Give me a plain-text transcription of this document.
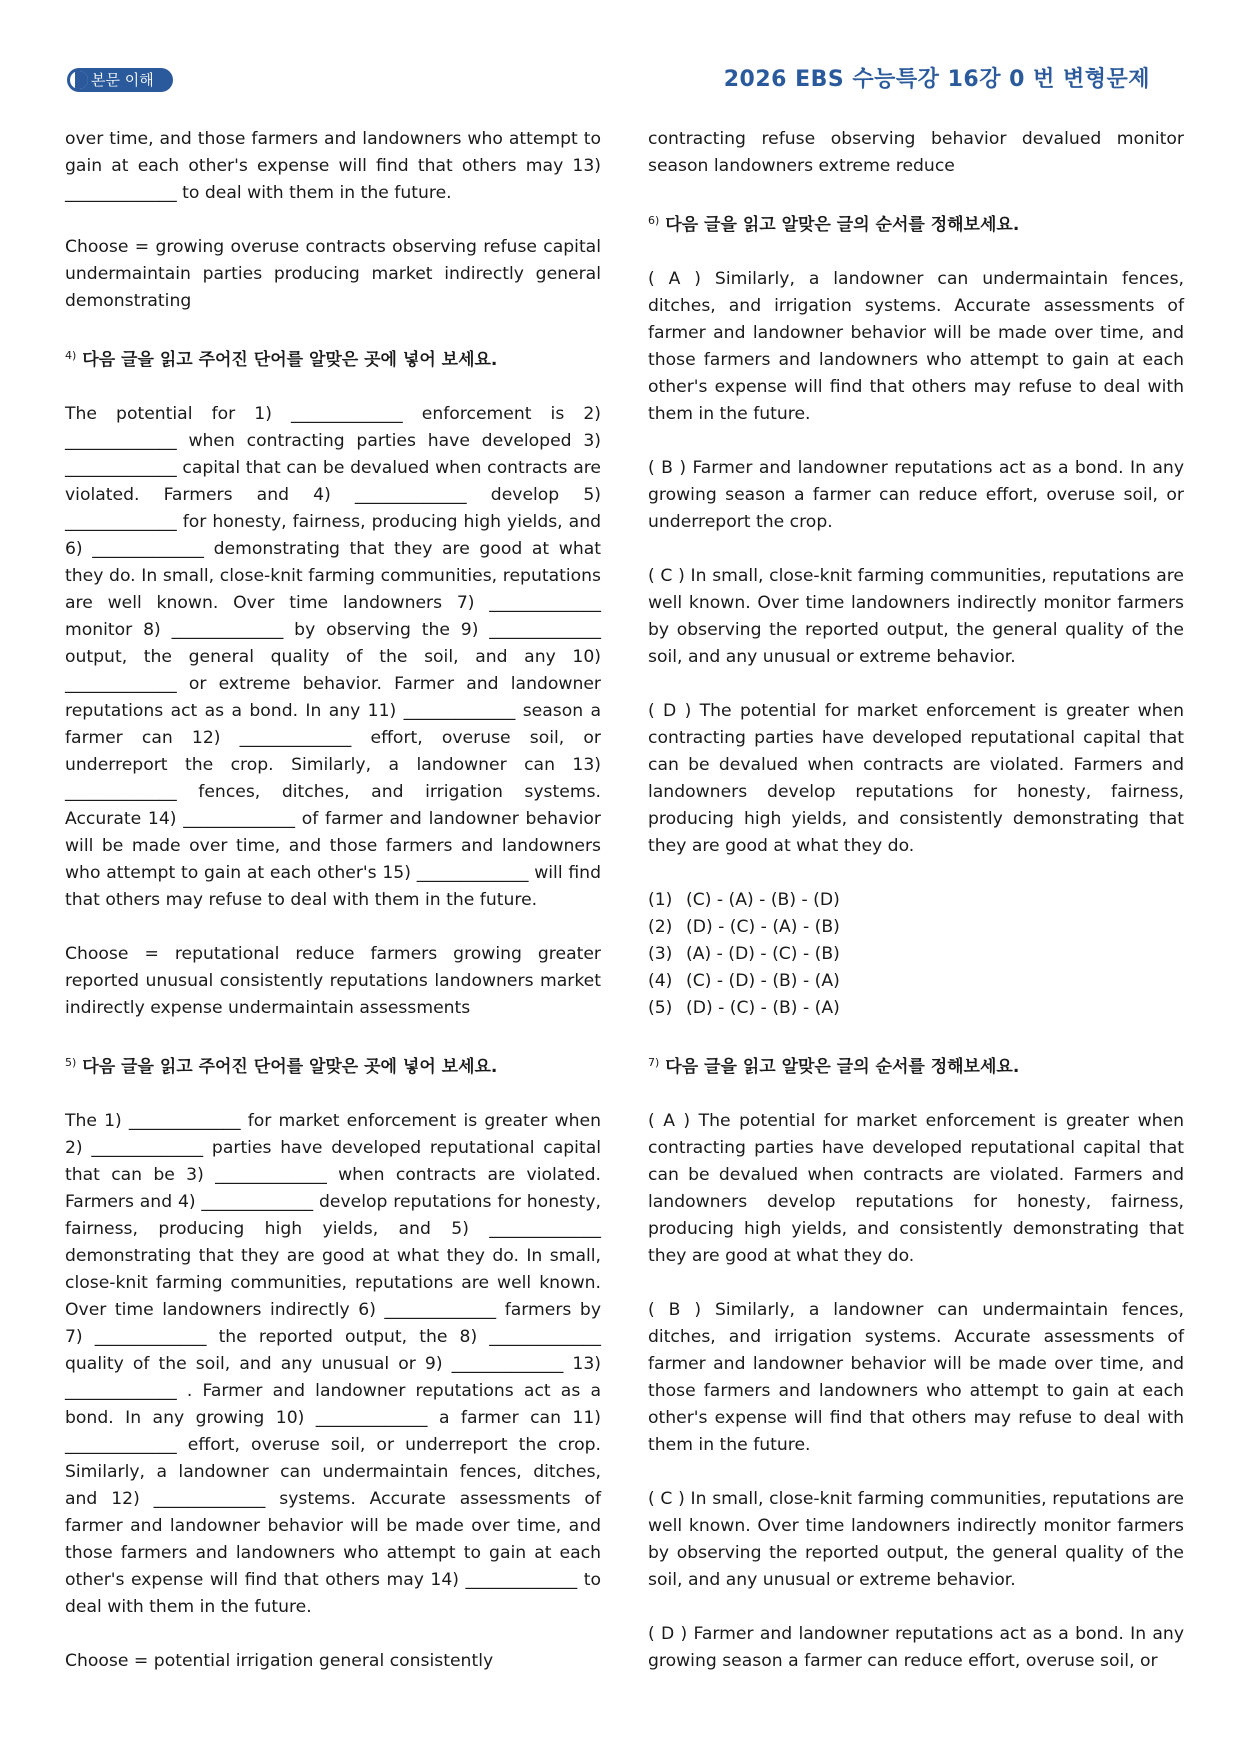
본문 이해	2026 EBS 수능특강 16강 0 번 변형문제

over time, and those farmers and landowners who attempt to gain at each other's expense will find that others may 13) _____________ to deal with them in the future.

Choose = growing overuse contracts observing refuse capital undermaintain parties producing market indirectly general demonstrating

$^{4)}$ 다음 글을 읽고 주어진 단어를 알맞은 곳에 넣어 보세요.

The potential for 1) _____________ enforcement is 2) _____________ when contracting parties have developed 3) _____________ capital that can be devalued when contracts are violated. Farmers and 4) _____________ develop 5) _____________ for honesty, fairness, producing high yields, and 6) _____________ demonstrating that they are good at what they do. In small, close-knit farming communities, reputations are well known. Over time landowners 7) _____________ monitor 8) _____________ by observing the 9) _____________ output, the general quality of the soil, and any 10) _____________ or extreme behavior. Farmer and landowner reputations act as a bond. In any 11) _____________ season a farmer can 12) _____________ effort, overuse soil, or underreport the crop. Similarly, a landowner can 13) _____________ fences, ditches, and irrigation systems. Accurate 14) _____________ of farmer and landowner behavior will be made over time, and those farmers and landowners who attempt to gain at each other's 15) _____________ will find that others may refuse to deal with them in the future.

Choose = reputational reduce farmers growing greater reported unusual consistently reputations landowners market indirectly expense undermaintain assessments

$^{5)}$ 다음 글을 읽고 주어진 단어를 알맞은 곳에 넣어 보세요.

The 1) _____________ for market enforcement is greater when 2) _____________ parties have developed reputational capital that can be 3) _____________ when contracts are violated. Farmers and 4) _____________ develop reputations for honesty, fairness, producing high yields, and 5) _____________ demonstrating that they are good at what they do. In small, close-knit farming communities, reputations are well known. Over time landowners indirectly 6) _____________ farmers by 7) _____________ the reported output, the 8) _____________ quality of the soil, and any unusual or 9) _____________ 13) _____________ . Farmer and landowner reputations act as a bond. In any growing 10) _____________ a farmer can 11) _____________ effort, overuse soil, or underreport the crop. Similarly, a landowner can undermaintain fences, ditches, and 12) _____________ systems. Accurate assessments of farmer and landowner behavior will be made over time, and those farmers and landowners who attempt to gain at each other's expense will find that others may 14) _____________ to deal with them in the future.

Choose = potential irrigation general consistently

contracting refuse observing behavior devalued monitor season landowners extreme reduce

$^{6)}$ 다음 글을 읽고 알맞은 글의 순서를 정해보세요.

( A ) Similarly, a landowner can undermaintain fences, ditches, and irrigation systems. Accurate assessments of farmer and landowner behavior will be made over time, and those farmers and landowners who attempt to gain at each other's expense will find that others may refuse to deal with them in the future.

( B ) Farmer and landowner reputations act as a bond. In any growing season a farmer can reduce effort, overuse soil, or underreport the crop.

( C ) In small, close-knit farming communities, reputations are well known. Over time landowners indirectly monitor farmers by observing the reported output, the general quality of the soil, and any unusual or extreme behavior.

( D ) The potential for market enforcement is greater when contracting parties have developed reputational capital that can be devalued when contracts are violated. Farmers and landowners develop reputations for honesty, fairness, producing high yields, and consistently demonstrating that they are good at what they do.

(1) (C) - (A) - (B) - (D)
(2) (D) - (C) - (A) - (B)
(3) (A) - (D) - (C) - (B)
(4) (C) - (D) - (B) - (A)
(5) (D) - (C) - (B) - (A)
$^{7)}$ 다음 글을 읽고 알맞은 글의 순서를 정해보세요.

( A ) The potential for market enforcement is greater when contracting parties have developed reputational capital that can be devalued when contracts are violated. Farmers and landowners develop reputations for honesty, fairness, producing high yields, and consistently demonstrating that they are good at what they do.

( B ) Similarly, a landowner can undermaintain fences, ditches, and irrigation systems. Accurate assessments of farmer and landowner behavior will be made over time, and those farmers and landowners who attempt to gain at each other's expense will find that others may refuse to deal with them in the future.

( C ) In small, close-knit farming communities, reputations are well known. Over time landowners indirectly monitor farmers by observing the reported output, the general quality of the soil, and any unusual or extreme behavior.

( D ) Farmer and landowner reputations act as a bond. In any growing season a farmer can reduce effort, overuse soil, or
